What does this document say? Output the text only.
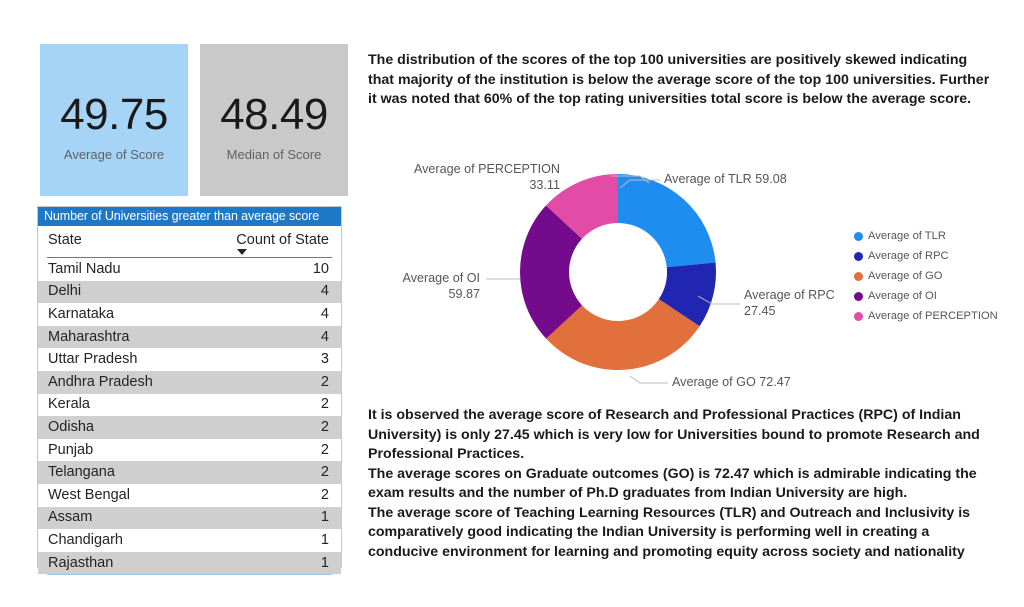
49.75
Average of Score
48.49
Median of Score
Number of Universities greater than average score
State	Count of State
Tamil Nadu	10
Delhi	4
Karnataka	4
Maharashtra	4
Uttar Pradesh	3
Andhra Pradesh	2
Kerala	2
Odisha	2
Punjab	2
Telangana	2
West Bengal	2
Assam	1
Chandigarh	1
Rajasthan	1

The distribution of the scores of the top 100 universities are positively skewed indicating that majority of the institution is below the average score of the top 100 universities. Further it was noted that 60% of the top rating universities total score is below the average score.

Average of TLR 59.08
Average of RPC
27.45
Average of GO 72.47
Average of OI
59.87
Average of PERCEPTION
33.11
Average of TLR
Average of RPC
Average of GO
Average of OI
Average of PERCEPTION

It is observed the average score of Research and Professional Practices (RPC) of Indian University) is only 27.45 which is very low for Universities bound to promote Research and Professional Practices.

The average scores on Graduate outcomes (GO) is 72.47 which is admirable indicating the exam results and the number of Ph.D graduates from Indian University are high.

The average score of Teaching Learning Resources (TLR) and Outreach and Inclusivity is comparatively good indicating the Indian University is performing well in creating a conducive environment for learning and promoting equity across society and nationality
